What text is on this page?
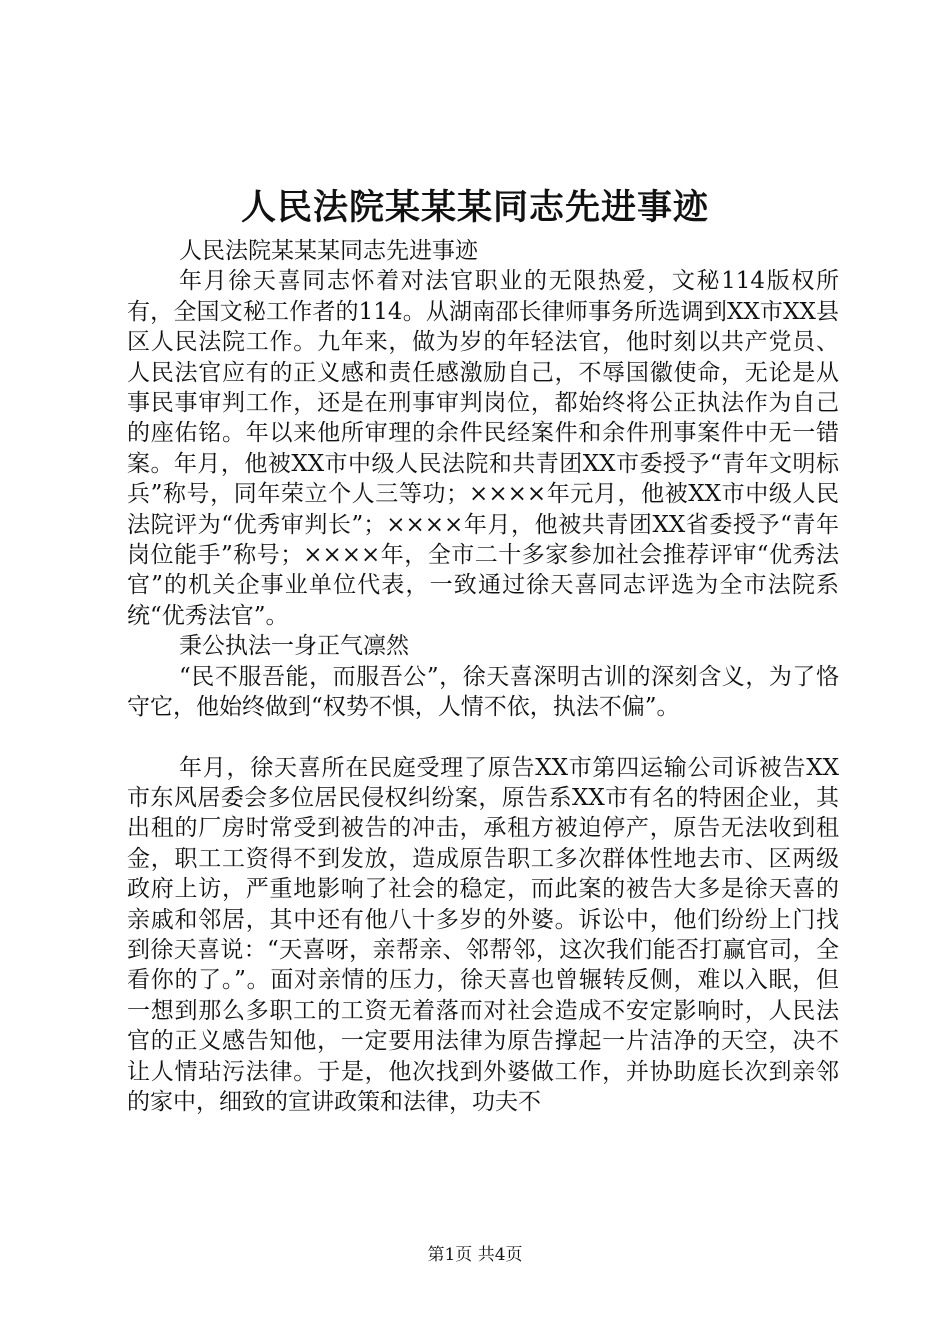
人民法院某某某同志先进事迹

人民法院某某某同志先进事迹

年月徐天喜同志怀着对法官职业的无限热爱，文秘114版权所有，全国文秘工作者的114。从湖南邵长律师事务所选调到XX市XX县区人民法院工作。九年来，做为岁的年轻法官，他时刻以共产党员、人民法官应有的正义感和责任感激励自己，不辱国徽使命，无论是从事民事审判工作，还是在刑事审判岗位，都始终将公正执法作为自己的座佑铭。年以来他所审理的余件民经案件和余件刑事案件中无一错案。年月，他被XX市中级人民法院和共青团XX市委授予“青年文明标兵”称号，同年荣立个人三等功；××××年元月，他被XX市中级人民法院评为“优秀审判长”；××××年月，他被共青团XX省委授予“青年岗位能手”称号；××××年，全市二十多家参加社会推荐评审“优秀法官”的机关企事业单位代表，一致通过徐天喜同志评选为全市法院系统“优秀法官”。

秉公执法一身正气凛然

“民不服吾能，而服吾公”，徐天喜深明古训的深刻含义，为了恪守它，他始终做到“权势不惧，人情不依，执法不偏”。

年月，徐天喜所在民庭受理了原告XX市第四运输公司诉被告XX市东风居委会多位居民侵权纠纷案，原告系XX市有名的特困企业，其出租的厂房时常受到被告的冲击，承租方被迫停产，原告无法收到租金，职工工资得不到发放，造成原告职工多次群体性地去市、区两级政府上访，严重地影响了社会的稳定，而此案的被告大多是徐天喜的亲戚和邻居，其中还有他八十多岁的外婆。诉讼中，他们纷纷上门找到徐天喜说：“天喜呀，亲帮亲、邻帮邻，这次我们能否打赢官司，全看你的了。”。面对亲情的压力，徐天喜也曾辗转反侧，难以入眠，但一想到那么多职工的工资无着落而对社会造成不安定影响时，人民法官的正义感告知他，一定要用法律为原告撑起一片洁净的天空，决不让人情玷污法律。于是，他次找到外婆做工作，并协助庭长次到亲邻的家中，细致的宣讲政策和法律，功夫不

第1页 共4页
